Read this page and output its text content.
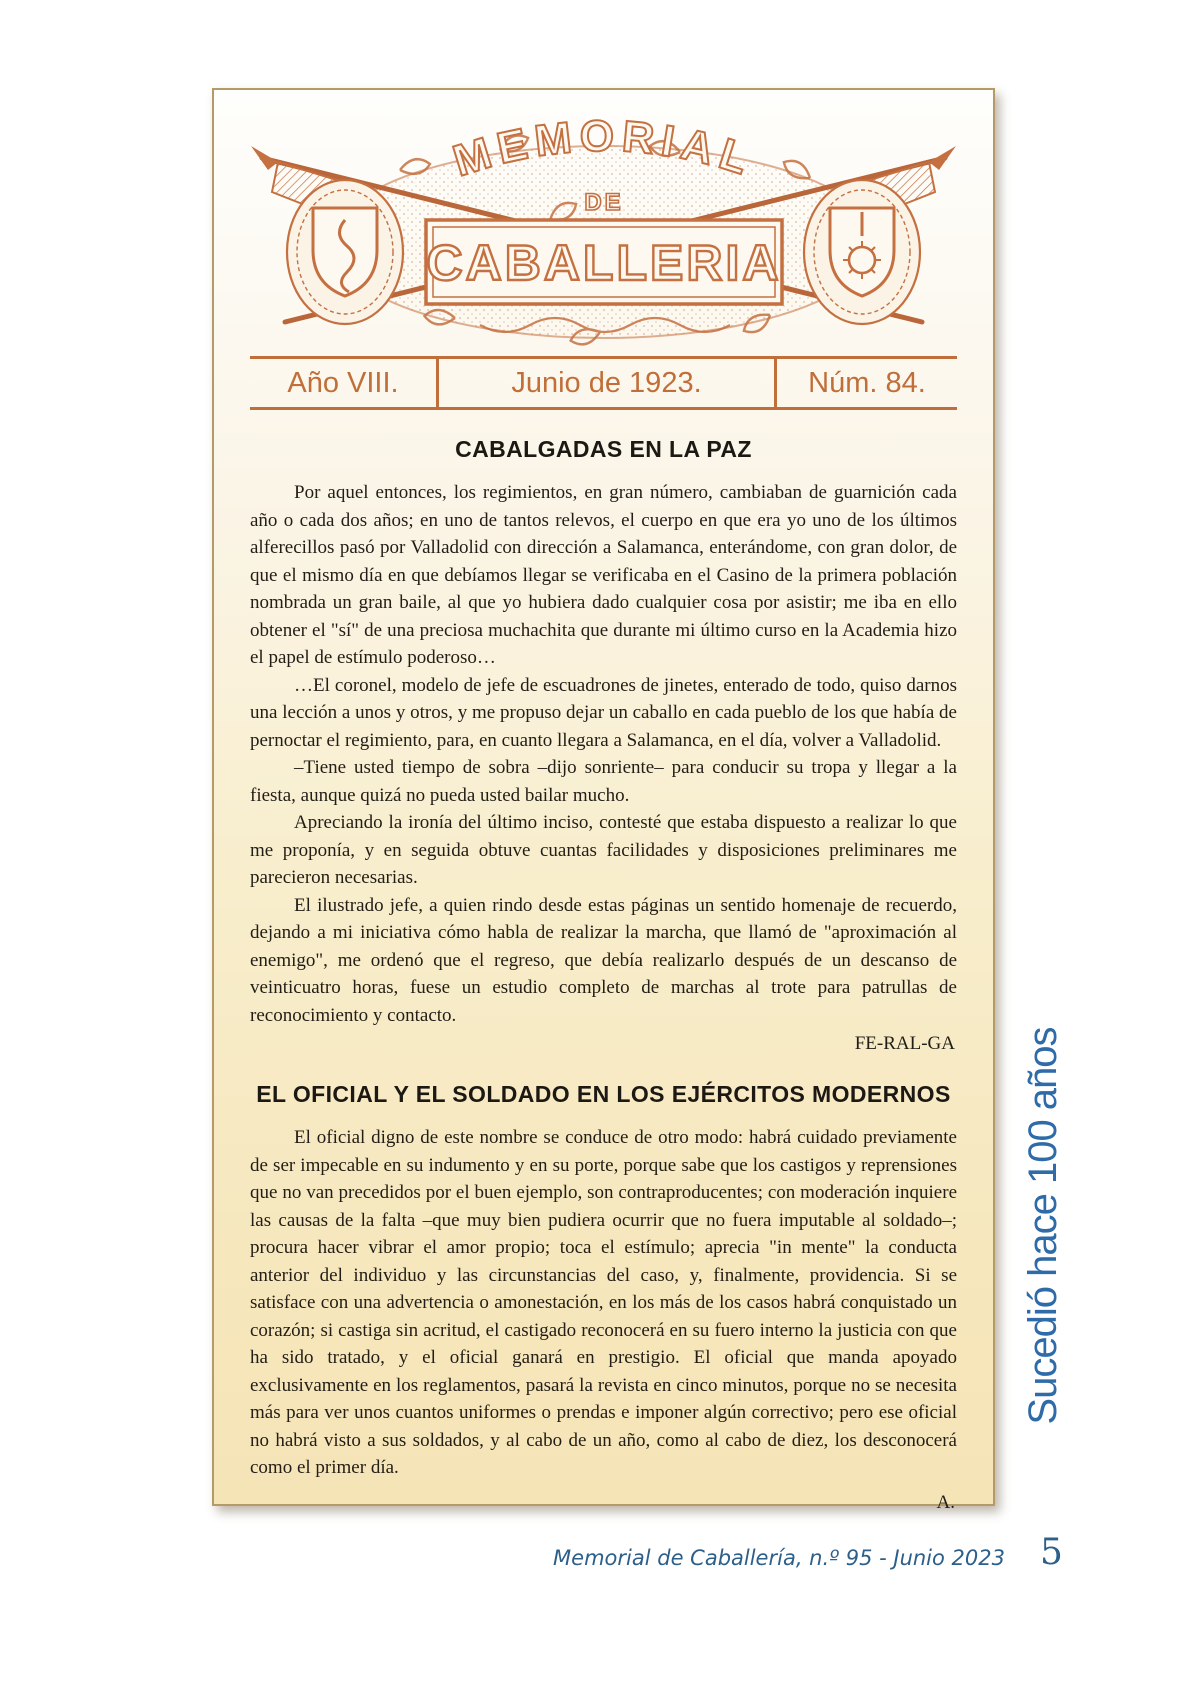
MEMORIAL
DE
CABALLERIA
Año VIII.	Junio de 1923.	Núm. 84.
CABALGADAS EN LA PAZ

Por aquel entonces, los regimientos, en gran número, cambiaban de guarnición cada año o cada dos años; en uno de tantos relevos, el cuerpo en que era yo uno de los últimos alferecillos pasó por Valladolid con dirección a Salamanca, enterándome, con gran dolor, de que el mismo día en que debíamos llegar se verificaba en el Casino de la primera población nombrada un gran baile, al que yo hubiera dado cualquier cosa por asistir; me iba en ello obtener el "sí" de una preciosa muchachita que durante mi último curso en la Academia hizo el papel de estímulo poderoso…

…El coronel, modelo de jefe de escuadrones de jinetes, enterado de todo, quiso darnos una lección a unos y otros, y me propuso dejar un caballo en cada pueblo de los que había de pernoctar el regimiento, para, en cuanto llegara a Salamanca, en el día, volver a Valladolid.

–Tiene usted tiempo de sobra –dijo sonriente– para conducir su tropa y llegar a la fiesta, aunque quizá no pueda usted bailar mucho.

Apreciando la ironía del último inciso, contesté que estaba dispuesto a realizar lo que me proponía, y en seguida obtuve cuantas facilidades y disposiciones preliminares me parecieron necesarias.

El ilustrado jefe, a quien rindo desde estas páginas un sentido homenaje de recuerdo, dejando a mi iniciativa cómo habla de realizar la marcha, que llamó de "aproximación al enemigo", me ordenó que el regreso, que debía realizarlo después de un descanso de veinticuatro horas, fuese un estudio completo de marchas al trote para patrullas de reconocimiento y contacto.

FE-RAL-GA
EL OFICIAL Y EL SOLDADO EN LOS EJÉRCITOS MODERNOS

El oficial digno de este nombre se conduce de otro modo: habrá cuidado previamente de ser impecable en su indumento y en su porte, porque sabe que los castigos y reprensiones que no van precedidos por el buen ejemplo, son contraproducentes; con moderación inquiere las causas de la falta –que muy bien pudiera ocurrir que no fuera imputable al soldado–; procura hacer vibrar el amor propio; toca el estímulo; aprecia "in mente" la conducta anterior del individuo y las circunstancias del caso, y, finalmente, providencia. Si se satisface con una advertencia o amonestación, en los más de los casos habrá conquistado un corazón; si castiga sin acritud, el castigado reconocerá en su fuero interno la justicia con que ha sido tratado, y el oficial ganará en prestigio. El oficial que manda apoyado exclusivamente en los reglamentos, pasará la revista en cinco minutos, porque no se necesita más para ver unos cuantos uniformes o prendas e imponer algún correctivo; pero ese oficial no habrá visto a sus soldados, y al cabo de un año, como al cabo de diez, los desconocerá como el primer día.

A.
Sucedió hace 100 años
Memorial de Caballería, n.º 95 - Junio 2023 5
